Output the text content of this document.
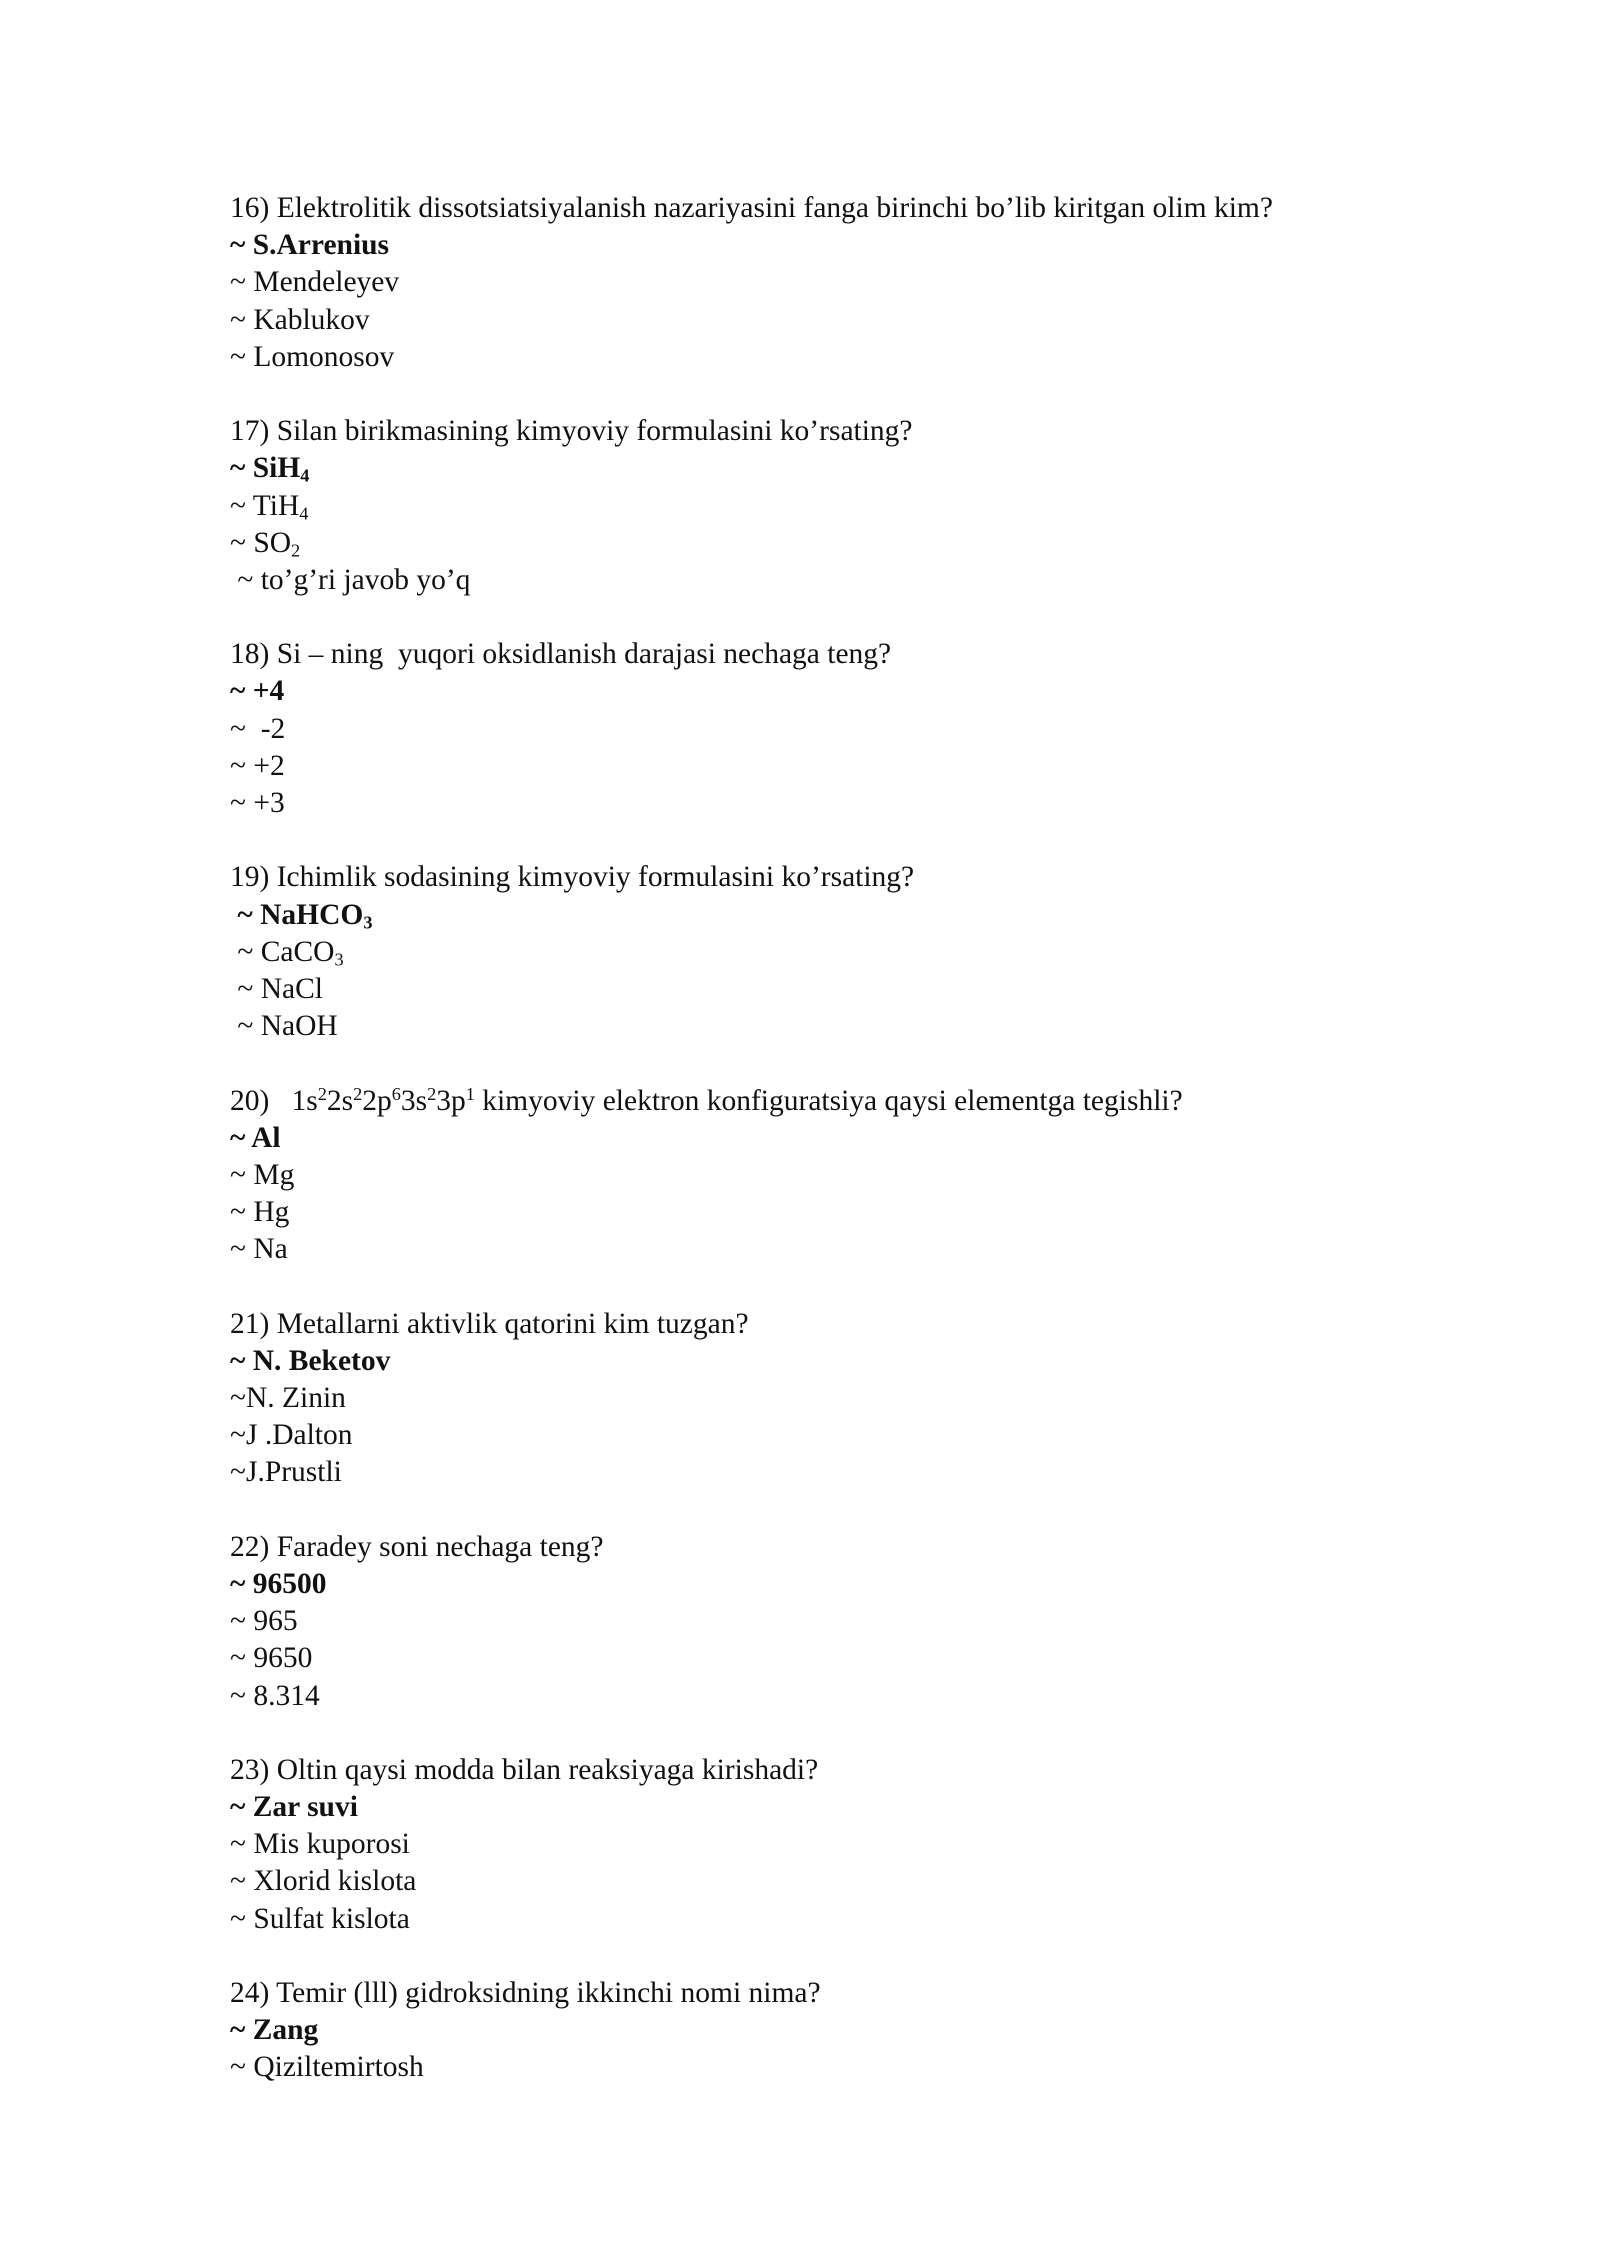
16) Elektrolitik dissotsiatsiyalanish nazariyasini fanga birinchi bo’lib kiritgan olim kim?
~ S.Arrenius
~ Mendeleyev
~ Kablukov
~ Lomonosov
17) Silan birikmasining kimyoviy formulasini ko’rsating?
~ SiH$_4$
~ TiH$_4$
~ $SO_2$
~ to’g’ri javob yo’q
18) Si – ning  yuqori oksidlanish darajasi nechaga teng?
~ +4
~  -2
~ +2
~ +3
19) Ichimlik sodasining kimyoviy formulasini ko’rsating?
~ NaHCO$_3$
~ CaCO$_3$
~ NaCl
~ NaOH
20)   $1s^22s^22p^63s^23p^1$ kimyoviy elektron konfiguratsiya qaysi elementga tegishli?
~ Al
~ Mg
~ Hg
~ Na
21) Metallarni aktivlik qatorini kim tuzgan?
~ N. Beketov
~N. Zinin
~J .Dalton
~J.Prustli
22) Faradey soni nechaga teng?
~ 96500
~ 965
~ 9650
~ 8.314
23) Oltin qaysi modda bilan reaksiyaga kirishadi?
~ Zar suvi
~ Mis kuporosi
~ Xlorid kislota
~ Sulfat kislota
24) Temir (lll) gidroksidning ikkinchi nomi nima?
~ Zang
~ Qiziltemirtosh
